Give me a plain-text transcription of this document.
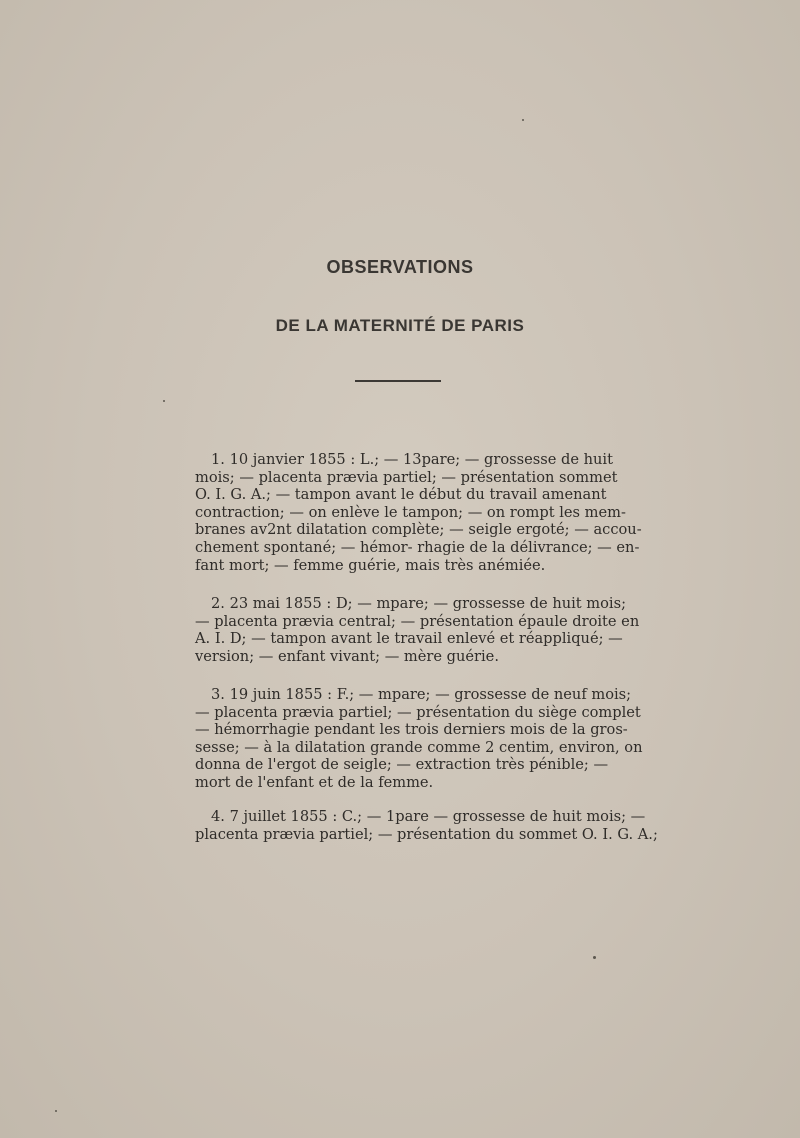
OBSERVATIONS
DE LA MATERNITÉ DE PARIS
1. 10 janvier 1855 : L.; — 13pare; — grossesse de huit
mois; — placenta prævia partiel; — présentation sommet
O. I. G. A.; — tampon avant le début du travail amenant
contraction; — on enlève le tampon; — on rompt les mem-
branes av2nt dilatation complète; — seigle ergoté; — accou-
chement spontané; — hémor- rhagie de la délivrance; — en-
fant mort; — femme guérie, mais très anémiée.
2. 23 mai 1855 : D; — mpare; — grossesse de huit mois;
— placenta prævia central; — présentation épaule droite en
A. I. D; — tampon avant le travail enlevé et réappliqué; —
version; — enfant vivant; — mère guérie.
3. 19 juin 1855 : F.; — mpare; — grossesse de neuf mois;
— placenta prævia partiel; — présentation du siège complet
— hémorrhagie pendant les trois derniers mois de la gros-
sesse; — à la dilatation grande comme 2 centim, environ, on
donna de l'ergot de seigle; — extraction très pénible; —
mort de l'enfant et de la femme.
4. 7 juillet 1855 : C.; — 1pare — grossesse de huit mois; —
placenta prævia partiel; — présentation du sommet O. I. G. A.;
